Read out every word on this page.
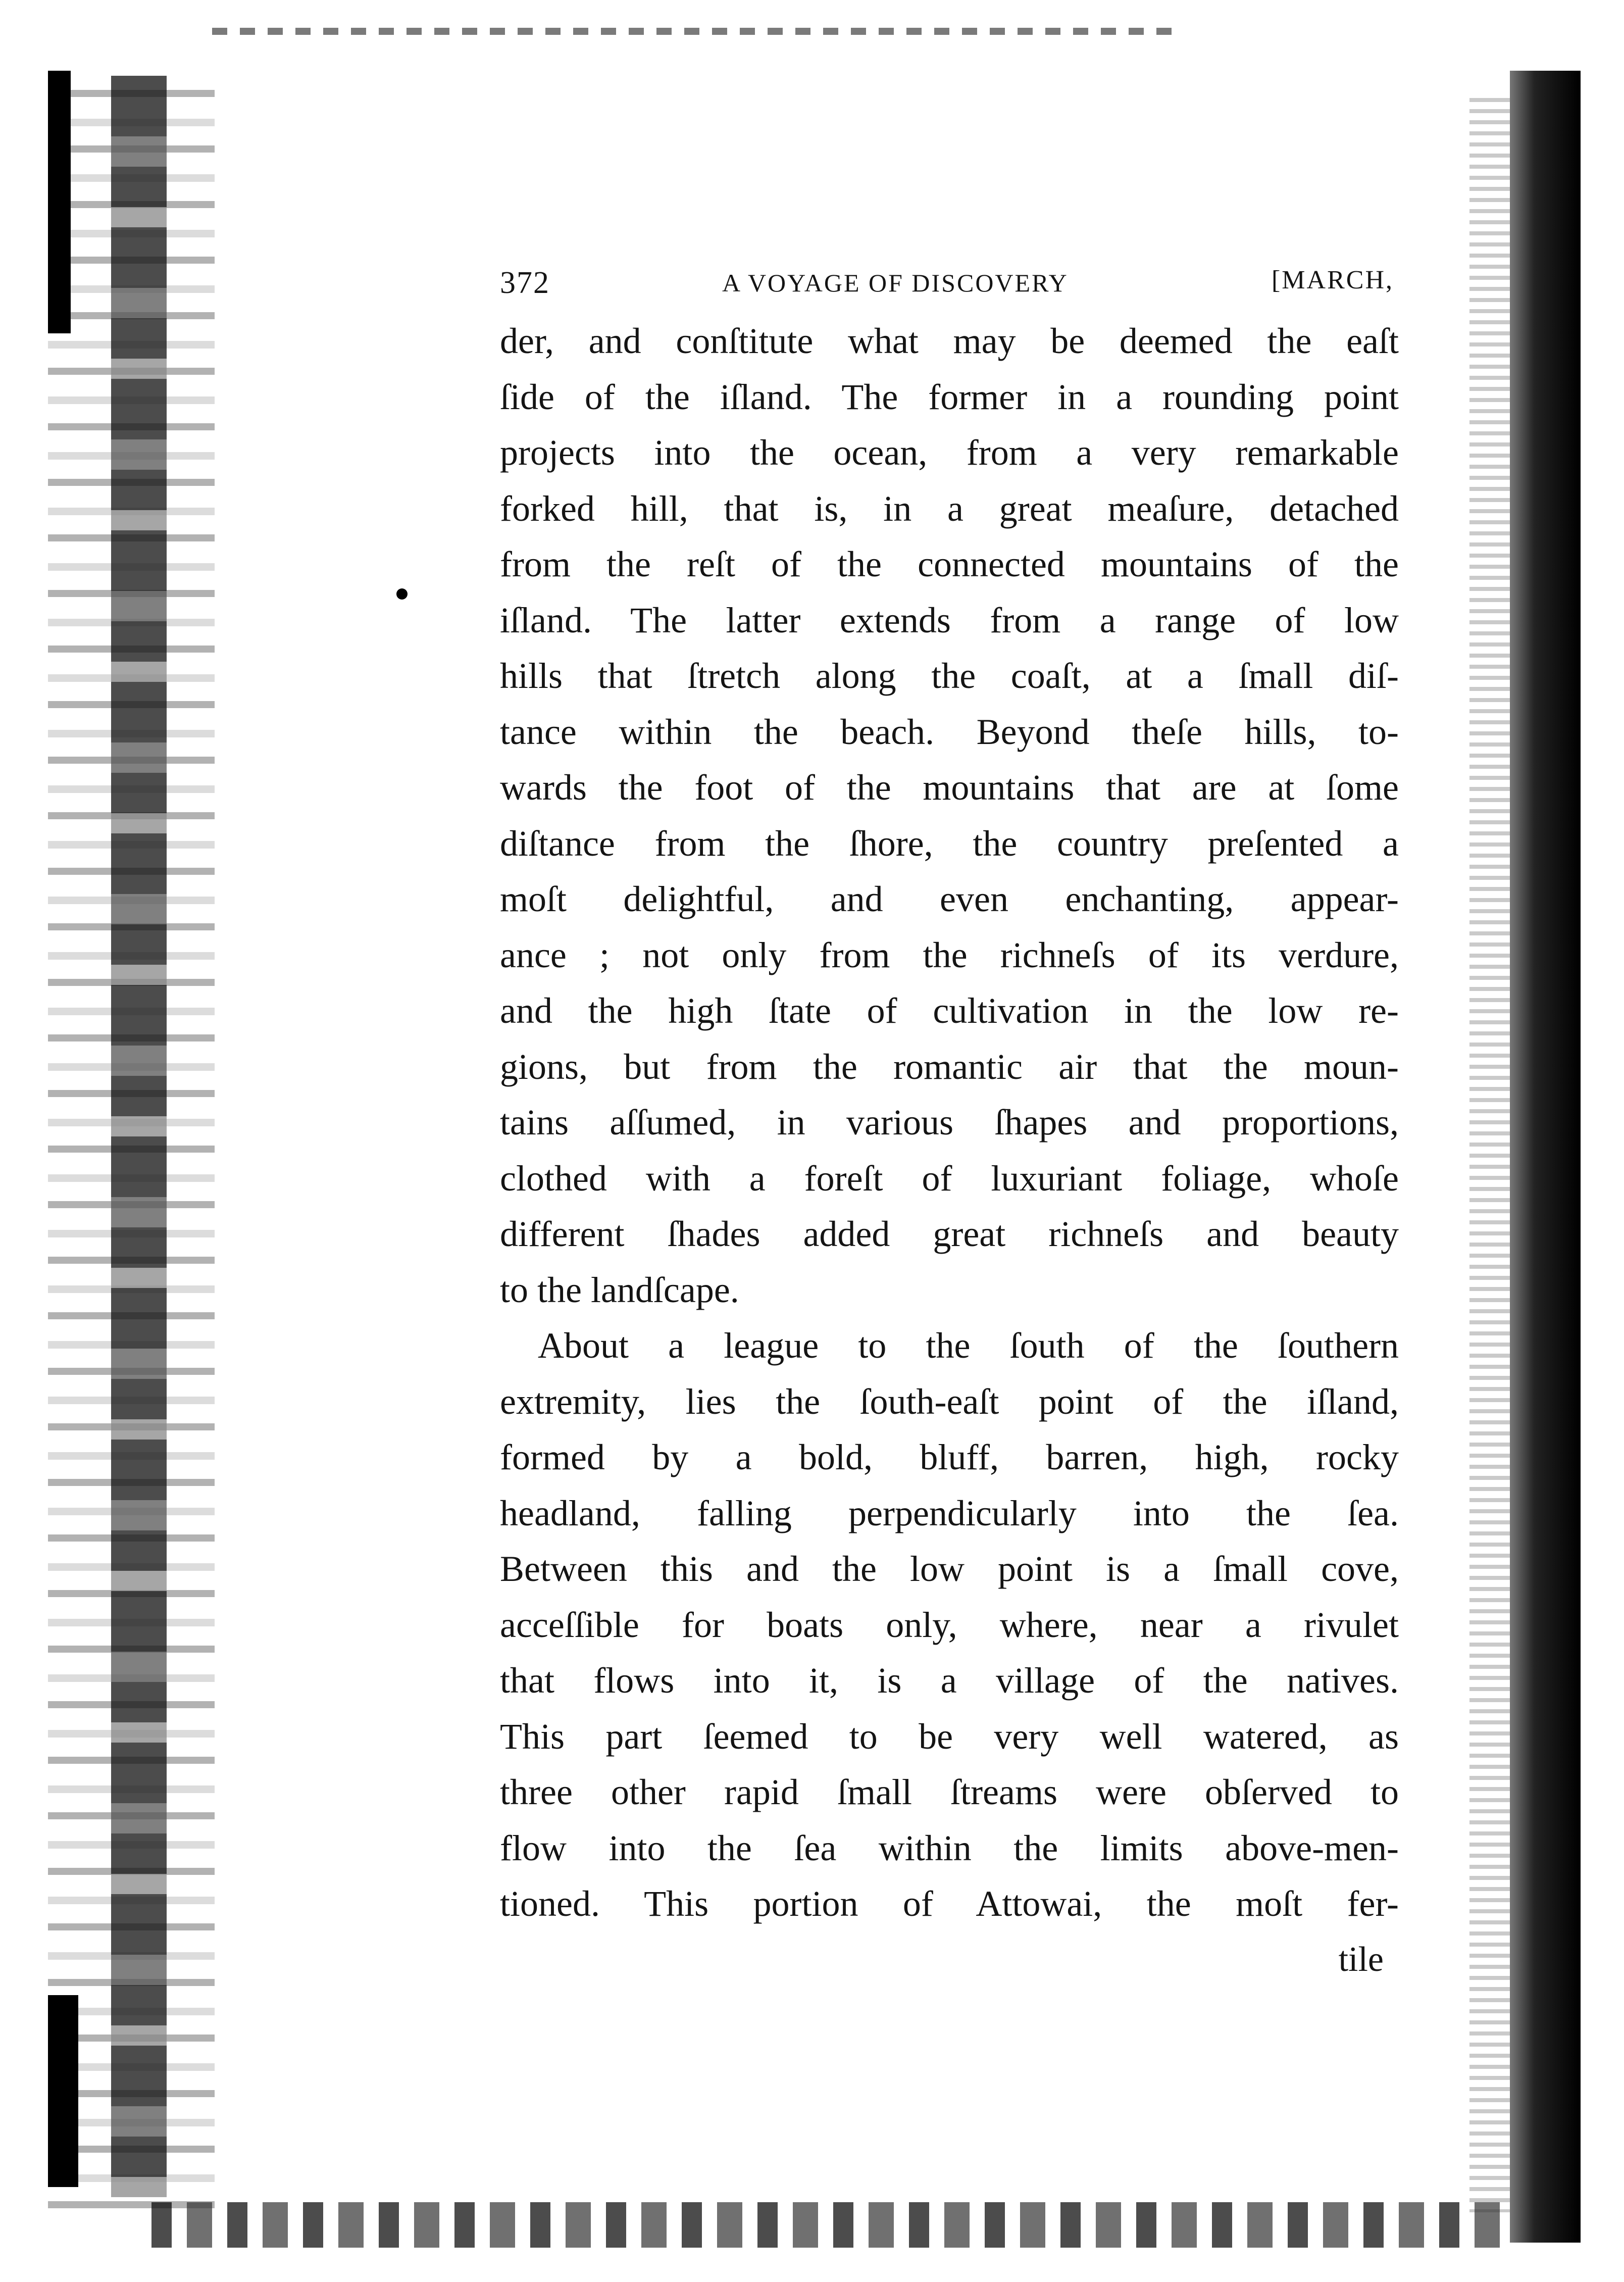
372	A VOYAGE OF DISCOVERY	[MARCH,
der, and conſtitute what may be deemed the eaſt
ſide of the iſland. The former in a rounding point
projects into the ocean, from a very remarkable
forked hill, that is, in a great meaſure, detached
from the reſt of the connected mountains of the
iſland. The latter extends from a range of low
hills that ſtretch along the coaſt, at a ſmall diſ-
tance within the beach. Beyond theſe hills, to-
wards the foot of the mountains that are at ſome
diſtance from the ſhore, the country preſented a
moſt delightful, and even enchanting, appear-
ance ; not only from the richneſs of its verdure,
and the high ſtate of cultivation in the low re-
gions, but from the romantic air that the moun-
tains aſſumed, in various ſhapes and proportions,
clothed with a foreſt of luxuriant foliage, whoſe
different ſhades added great richneſs and beauty
to the landſcape.
About a league to the ſouth of the ſouthern
extremity, lies the ſouth-eaſt point of the iſland,
formed by a bold, bluff, barren, high, rocky
headland, falling perpendicularly into the ſea.
Between this and the low point is a ſmall cove,
acceſſible for boats only, where, near a rivulet
that flows into it, is a village of the natives.
This part ſeemed to be very well watered, as
three other rapid ſmall ſtreams were obſerved to
flow into the ſea within the limits above-men-
tioned. This portion of Attowai, the moſt fer-
tile
